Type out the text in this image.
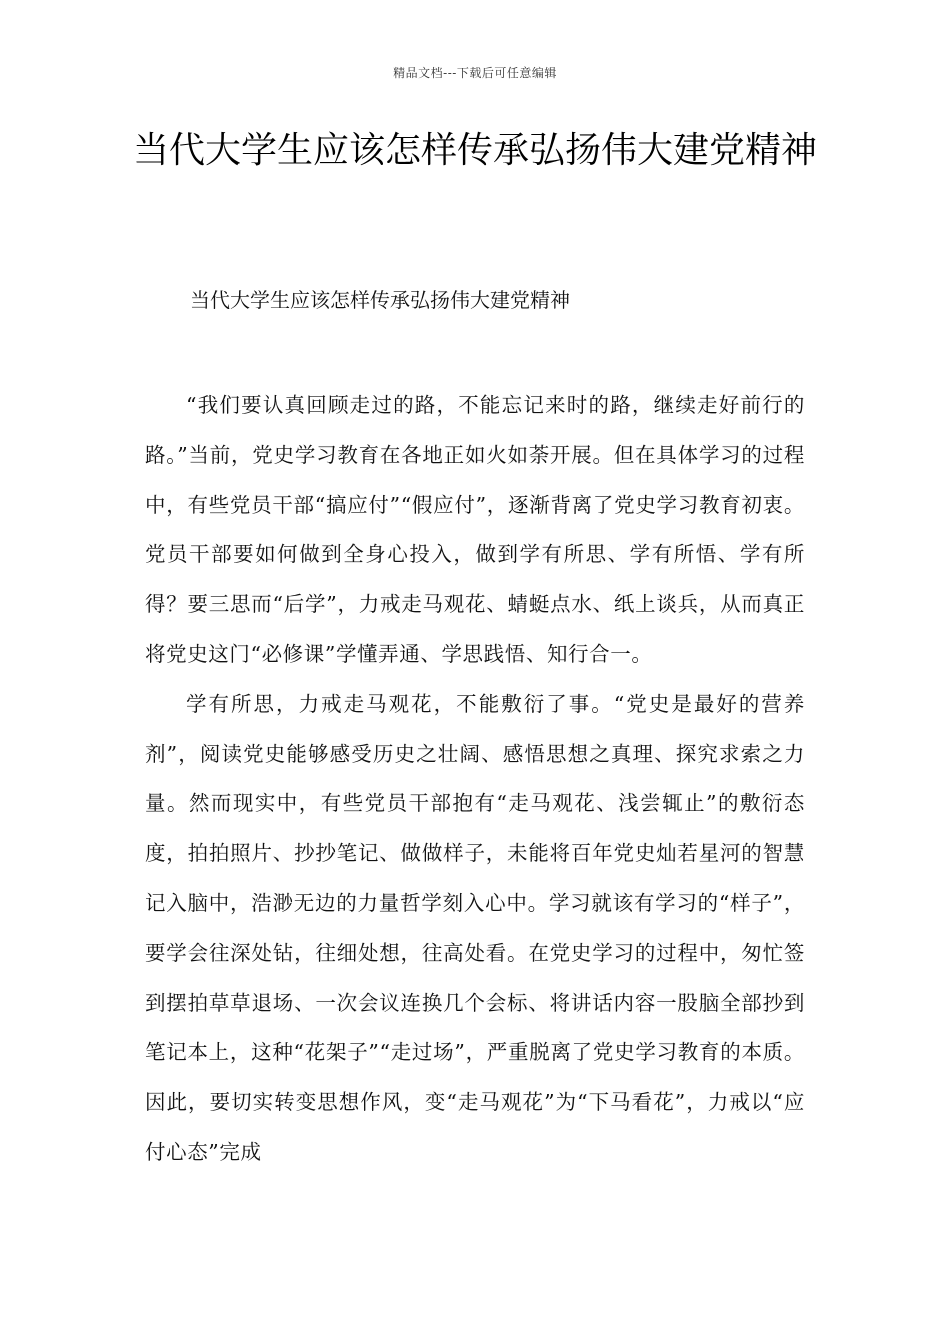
精品文档---下载后可任意编辑
当代大学生应该怎样传承弘扬伟大建党精神
当代大学生应该怎样传承弘扬伟大建党精神

“我们要认真回顾走过的路，不能忘记来时的路，继续走好前行的路。”当前，党史学习教育在各地正如火如荼开展。但在具体学习的过程中，有些党员干部“搞应付”“假应付”，逐渐背离了党史学习教育初衷。党员干部要如何做到全身心投入，做到学有所思、学有所悟、学有所得？要三思而“后学”，力戒走马观花、蜻蜓点水、纸上谈兵，从而真正将党史这门“必修课”学懂弄通、学思践悟、知行合一。

学有所思，力戒走马观花，不能敷衍了事。“党史是最好的营养剂”，阅读党史能够感受历史之壮阔、感悟思想之真理、探究求索之力量。然而现实中，有些党员干部抱有“走马观花、浅尝辄止”的敷衍态度，拍拍照片、抄抄笔记、做做样子，未能将百年党史灿若星河的智慧记入脑中，浩渺无边的力量哲学刻入心中。学习就该有学习的“样子”，要学会往深处钻，往细处想，往高处看。在党史学习的过程中，匆忙签到摆拍草草退场、一次会议连换几个会标、将讲话内容一股脑全部抄到笔记本上，这种“花架子”“走过场”，严重脱离了党史学习教育的本质。因此，要切实转变思想作风，变“走马观花”为“下马看花”，力戒以“应付心态”完成
